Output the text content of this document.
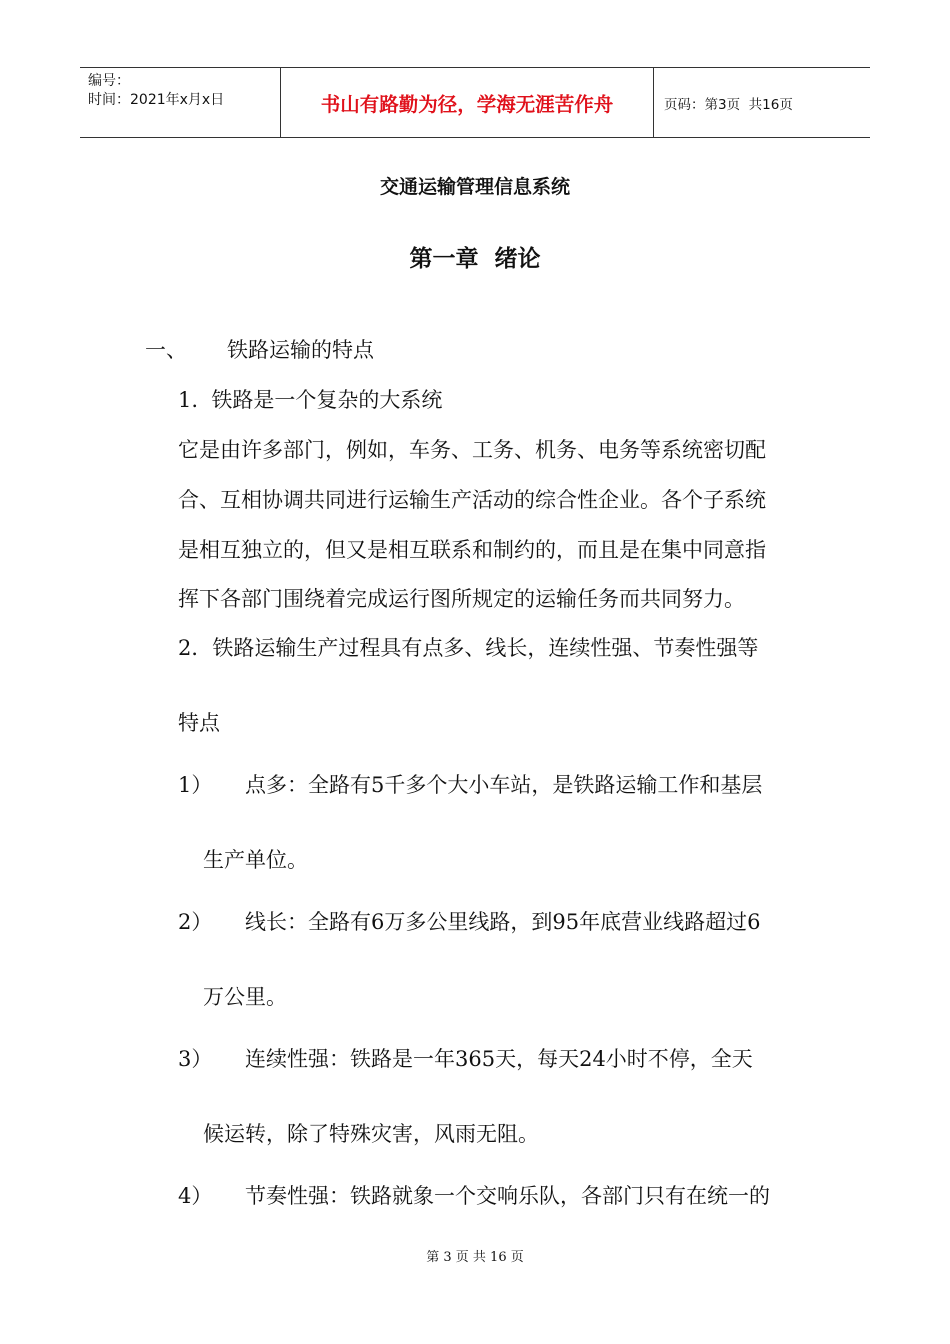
编号：
时间：2021年x月x日	书山有路勤为径，学海无涯苦作舟	页码：第3页  共16页
交通运输管理信息系统
第一章  绪论
一、      铁路运输的特点
1.  铁路是一个复杂的大系统
它是由许多部门，例如，车务、工务、机务、电务等系统密切配
合、互相协调共同进行运输生产活动的综合性企业。各个子系统
是相互独立的，但又是相互联系和制约的，而且是在集中同意指
挥下各部门围绕着完成运行图所规定的运输任务而共同努力。
2．铁路运输生产过程具有点多、线长，连续性强、节奏性强等
特点
1） 点多：全路有5千多个大小车站，是铁路运输工作和基层
生产单位。
2） 线长：全路有6万多公里线路，到95年底营业线路超过6
万公里。
3） 连续性强：铁路是一年365天，每天24小时不停，全天
候运转，除了特殊灾害，风雨无阻。
4） 节奏性强：铁路就象一个交响乐队，各部门只有在统一的
第 3 页 共 16 页
